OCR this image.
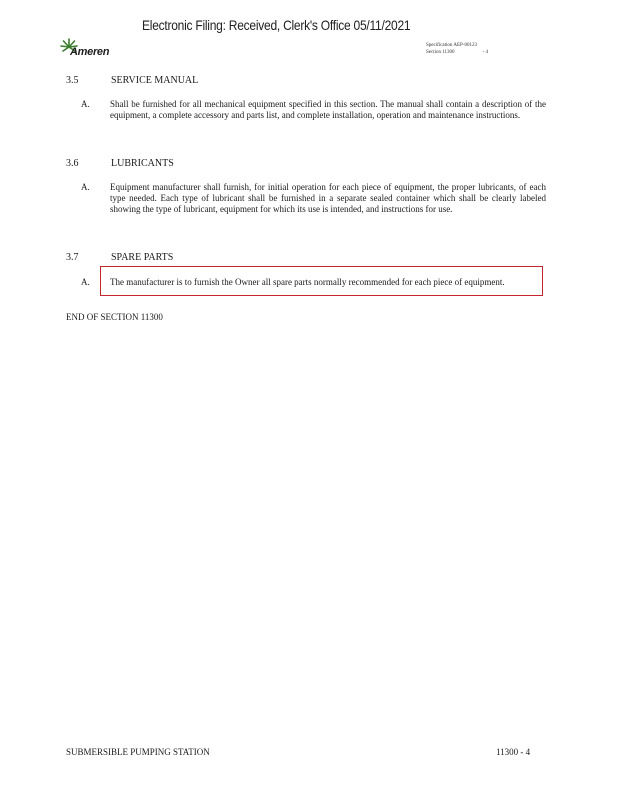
Electronic Filing: Received, Clerk's Office 05/11/2021
Ameren
Specification AEP-00123
Section 11300	- 4
3.5	SERVICE MANUAL
A. Shall be furnished for all mechanical equipment specified in this section. The manual shall contain a description of the equipment, a complete accessory and parts list, and complete installation, operation and maintenance instructions.
3.6	LUBRICANTS
A. Equipment manufacturer shall furnish, for initial operation for each piece of equipment, the proper lubricants, of each type needed. Each type of lubricant shall be furnished in a separate sealed container which shall be clearly labeled showing the type of lubricant, equipment for which its use is intended, and instructions for use.
3.7	SPARE PARTS
A. The manufacturer is to furnish the Owner all spare parts normally recommended for each piece of equipment.
END OF SECTION 11300
SUBMERSIBLE PUMPING STATION	11300 - 4
